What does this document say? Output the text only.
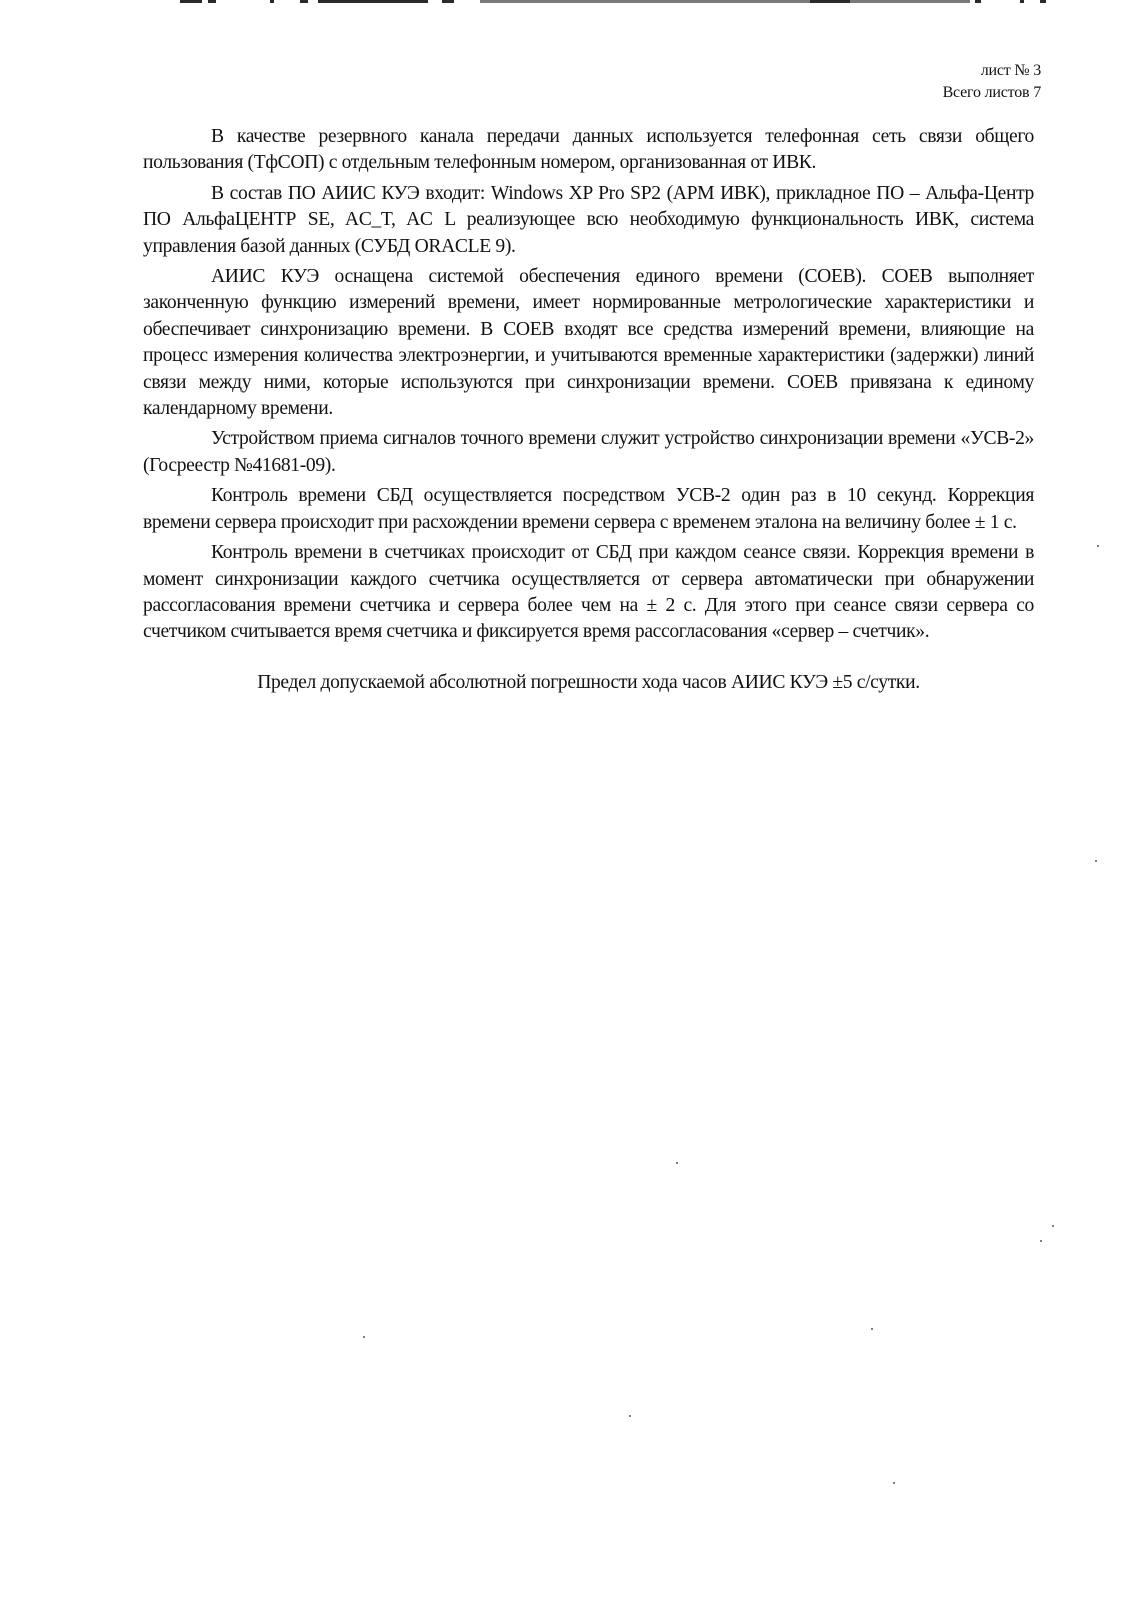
лист № 3
Всего листов 7

В качестве резервного канала передачи данных используется телефонная сеть связи общего пользования (ТфСОП) с отдельным телефонным номером, организованная от ИВК.

В состав ПО АИИС КУЭ входит: Windows XP Pro SP2 (АРМ ИВК), прикладное ПО – Альфа-Центр ПО АльфаЦЕНТР SE, AC_T, AC L реализующее всю необходимую функциональность ИВК, система управления базой данных (СУБД ORACLE 9).

АИИС КУЭ оснащена системой обеспечения единого времени (СОЕВ). СОЕВ выполняет законченную функцию измерений времени, имеет нормированные метрологические характеристики и обеспечивает синхронизацию времени. В СОЕВ входят все средства измерений времени, влияющие на процесс измерения количества электроэнергии, и учитываются временные характеристики (задержки) линий связи между ними, которые используются при синхронизации времени. СОЕВ привязана к единому календарному времени.

Устройством приема сигналов точного времени служит устройство синхронизации времени «УСВ-2» (Госреестр №41681-09).

Контроль времени СБД осуществляется посредством УСВ-2 один раз в 10 секунд. Коррекция времени сервера происходит при расхождении времени сервера с временем эталона на величину более ± 1 с.

Контроль времени в счетчиках происходит от СБД при каждом сеансе связи. Коррекция времени в момент синхронизации каждого счетчика осуществляется от сервера автоматически при обнаружении рассогласования времени счетчика и сервера более чем на ± 2 с. Для этого при сеансе связи сервера со счетчиком считывается время счетчика и фиксируется время рассогласования «сервер – счетчик».

Предел допускаемой абсолютной погрешности хода часов АИИС КУЭ ±5 с/сутки.
